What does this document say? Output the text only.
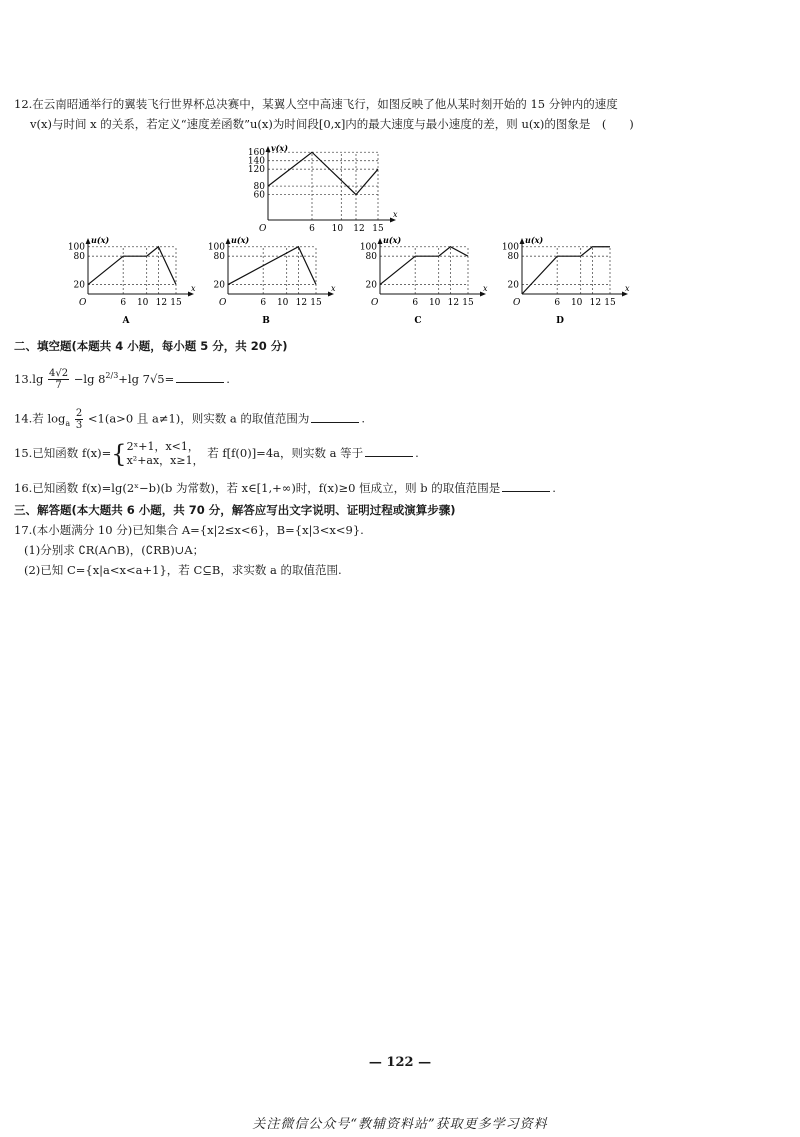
12.在云南昭通举行的翼装飞行世界杯总决赛中，某翼人空中高速飞行，如图反映了他从某时刻开始的 15 分钟内的速度
v(x)与时间 x 的关系，若定义“速度差函数”u(x)为时间段[0,x]内的最大速度与最小速度的差，则 u(x)的图象是　(　　)
v(x)
x
O	6 10 12 15
160
140
120
80
60
u(x)
x
O	6 10 12 15
100
80
20
A
u(x)
x
O	6 10 12 15
100
80
20
B
u(x)
x
O	6 10 12 15
100
80
20
C
u(x)
x
O	6 10 12 15
100
80
20
D
二、填空题(本题共 4 小题，每小题 5 分，共 20 分)
$13.\lg \frac{4√2}{7} -\lg$ $8^{2/3}+\lg$ 7√5=	.
14.若 $\log_a \frac{2}{3} <1(a>0$ 且 a≠1)，则实数 a 的取值范围为	.
15.已知函数 f(x)={ 2ˣ+1，x<1，
x²+ax，x≥1，
若 f[f(0)]=4a，则实数 a 等于	.
16.已知函数 f(x)=lg(2ˣ−b)(b 为常数)，若 x∈[1,+∞)时，f(x)≥0 恒成立，则 b 的取值范围是	.
三、解答题(本大题共 6 小题，共 70 分，解答应写出文字说明、证明过程或演算步骤)
17.(本小题满分 10 分)已知集合 A={x|2≤x<6}，B={x|3<x<9}.
(1)分别求 ∁R(A∩B)，(∁RB)∪A；
(2)已知 C={x|a<x<a+1}，若 C⊆B，求实数 a 的取值范围.
— 122 —
关注微信公众号“教辅资料站”获取更多学习资料
